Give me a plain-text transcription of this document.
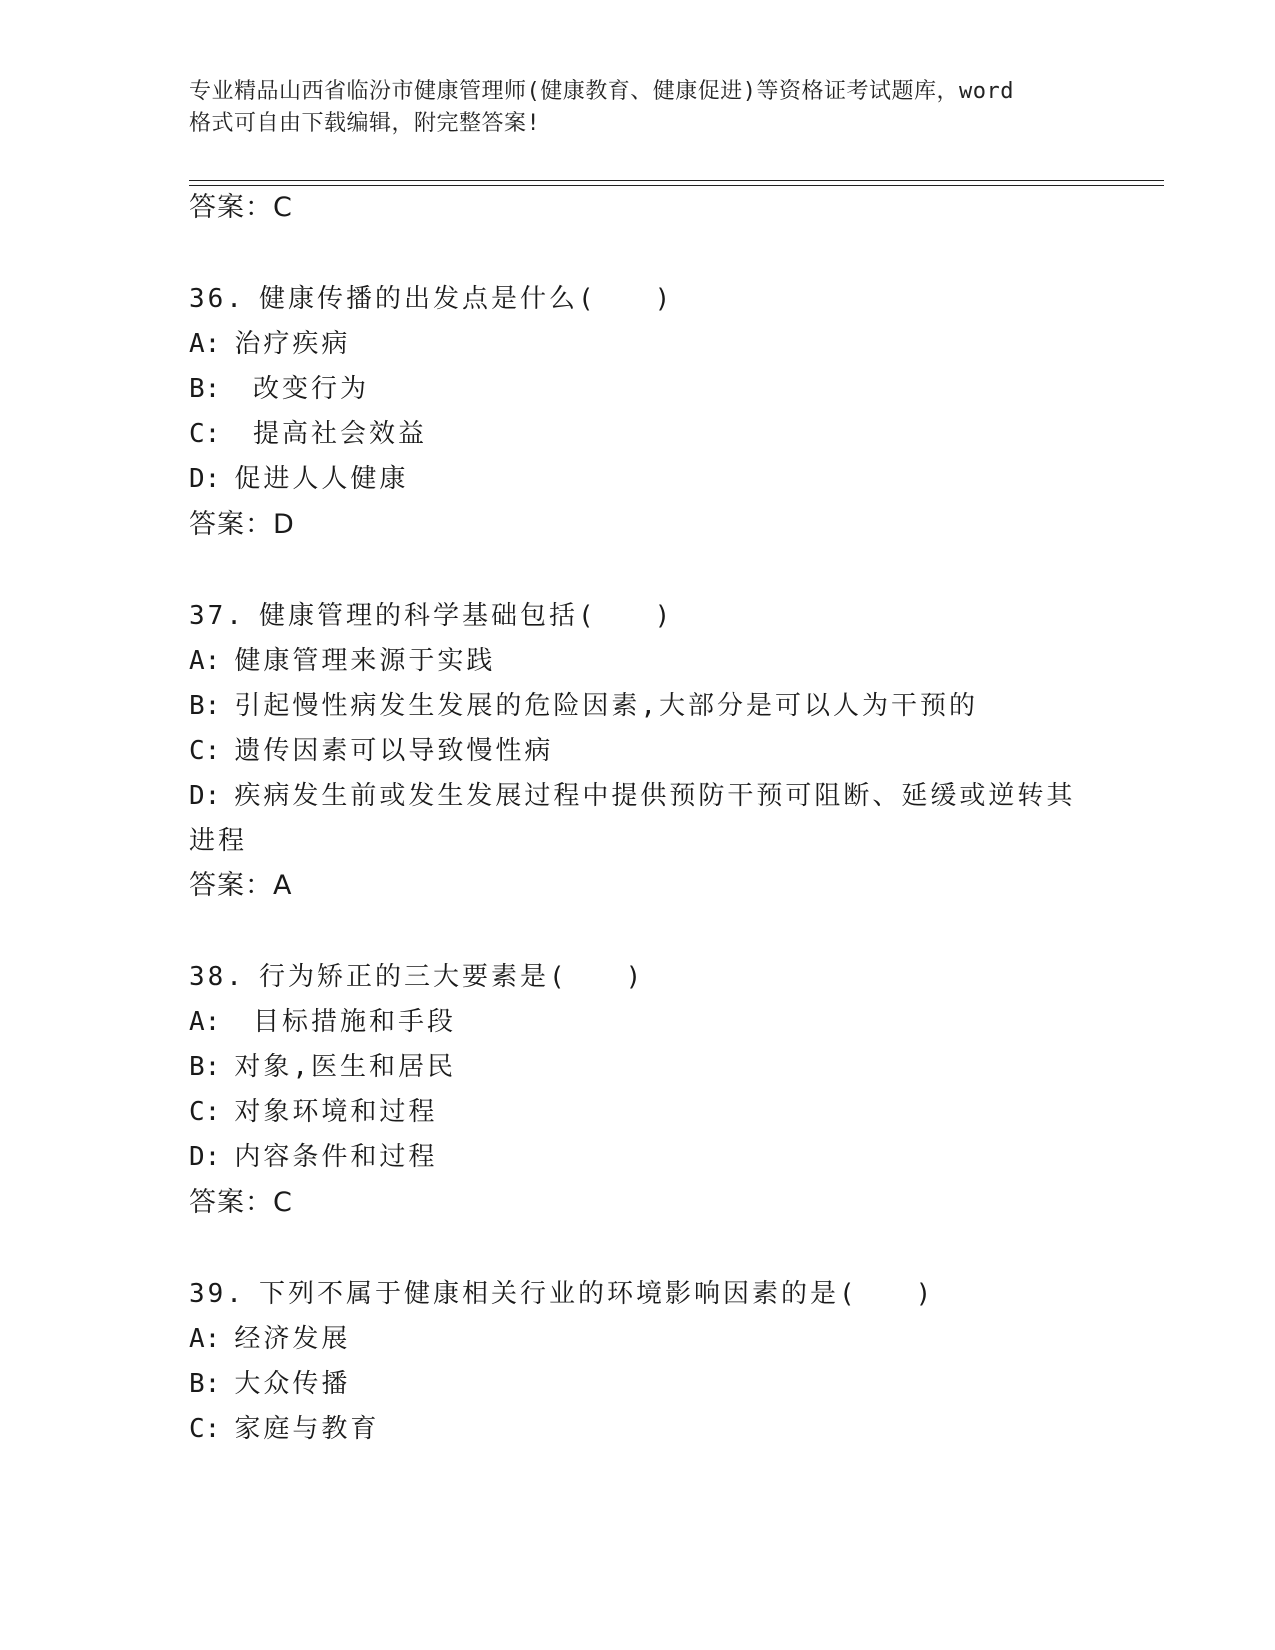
专业精品山西省临汾市健康管理师(健康教育、健康促进)等资格证考试题库，word
格式可自由下载编辑，附完整答案!
答案：C
36. 健康传播的出发点是什么(　　)
A: 治疗疾病
B: 改变行为
C: 提高社会效益
D: 促进人人健康
答案：D
37. 健康管理的科学基础包括(　　)
A: 健康管理来源于实践
B: 引起慢性病发生发展的危险因素,大部分是可以人为干预的
C: 遗传因素可以导致慢性病
D: 疾病发生前或发生发展过程中提供预防干预可阻断、延缓或逆转其
进程
答案：A
38. 行为矫正的三大要素是(　　)
A: 目标措施和手段
B: 对象,医生和居民
C: 对象环境和过程
D: 内容条件和过程
答案：C
39. 下列不属于健康相关行业的环境影响因素的是(　　)
A: 经济发展
B: 大众传播
C: 家庭与教育
